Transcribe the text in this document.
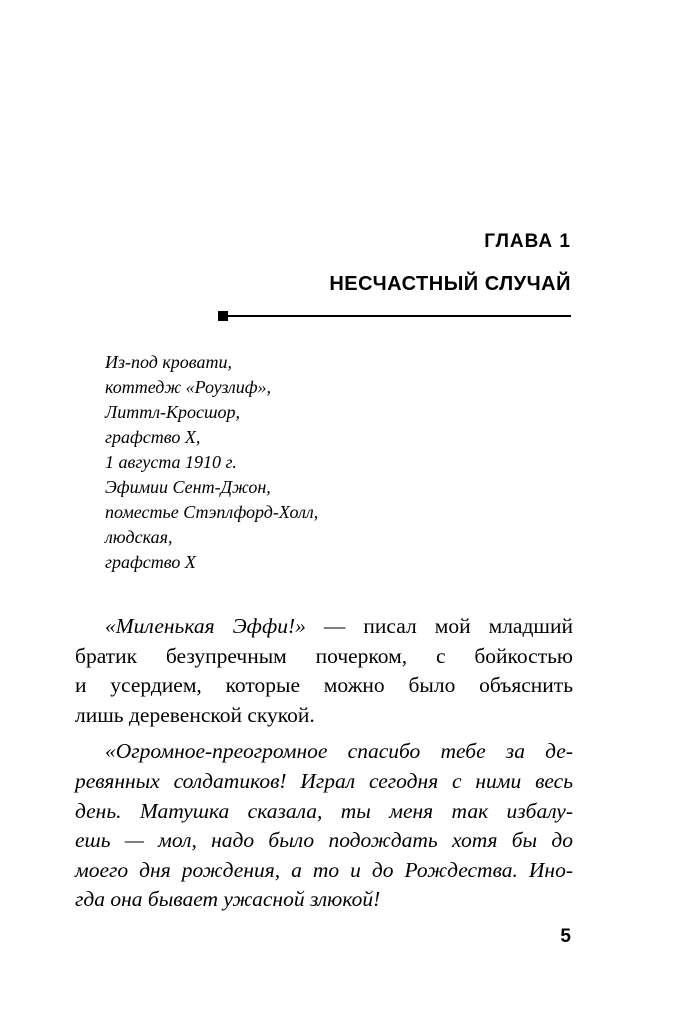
ГЛАВА 1
НЕСЧАСТНЫЙ СЛУЧАЙ
Из-под кровати,
коттедж «Роузлиф»,
Литтл-Кросшор,
графство X,
1 августа 1910 г.
Эфимии Сент-Джон,
поместье Стэплфорд-Холл,
людская,
графство X
«Миленькая Эффи!» — писал мой младший
братик безупречным почерком, с бойкостью
и усердием, которые можно было объяснить
лишь деревенской скукой.
«Огромное-преогромное спасибо тебе за де-
ревянных солдатиков! Играл сегодня с ними весь
день. Матушка сказала, ты меня так избалу-
ешь — мол, надо было подождать хотя бы до
моего дня рождения, а то и до Рождества. Ино-
гда она бывает ужасной злюкой!
5
